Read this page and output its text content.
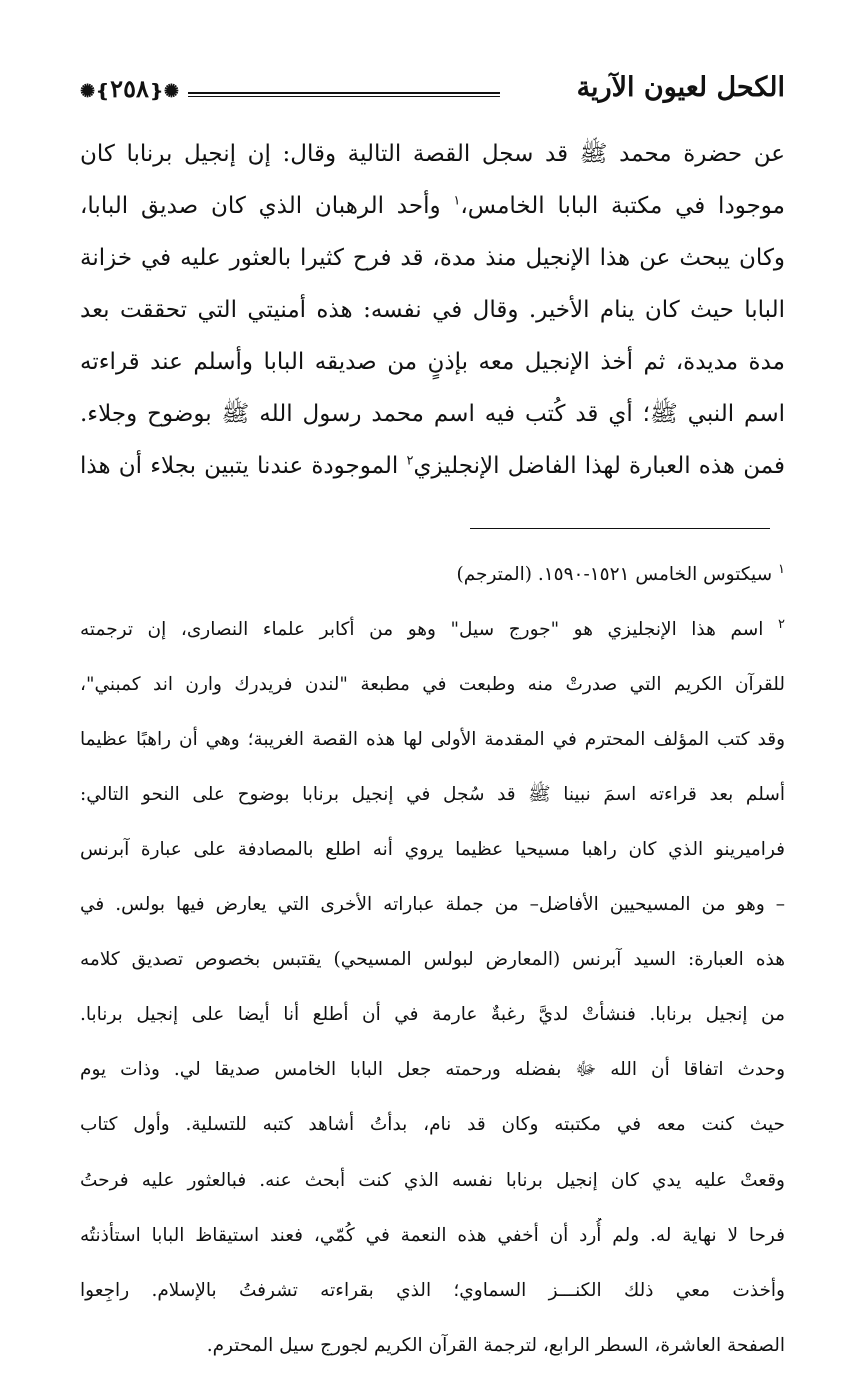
الكحل لعيون الآرية
✺❴٢٥٨❵✺

عن حضرة محمد ﷺ قد سجل القصة التالية وقال: إن إنجيل برنابا كان

موجودا في مكتبة البابا الخامس،$^١$ وأحد الرهبان الذي كان صديق البابا،

وكان يبحث عن هذا الإنجيل منذ مدة، قد فرح كثيرا بالعثور عليه في خزانة

البابا حيث كان ينام الأخير. وقال في نفسه: هذه أمنيتي التي تحققت بعد

مدة مديدة، ثم أخذ الإنجيل معه بإذنٍ من صديقه البابا وأسلم عند قراءته

اسم النبي ﷺ؛ أي قد كُتب فيه اسم محمد رسول الله ﷺ بوضوح وجلاء.

فمن هذه العبارة لهذا الفاضل الإنجليزي$^٢$ الموجودة عندنا يتبين بجلاء أن هذا

$^١$ سيكتوس الخامس ١٥٢١-١٥٩٠. (المترجم)

$^٢$ اسم هذا الإنجليزي هو "جورج سيل" وهو من أكابر علماء النصارى، إن ترجمته

للقرآن الكريم التي صدرتْ منه وطبعت في مطبعة "لندن فريدرك وارن اند كمبني"،

وقد كتب المؤلف المحترم في المقدمة الأولى لها هذه القصة الغريبة؛ وهي أن راهبًا عظيما

أسلم بعد قراءته اسمَ نبينا ﷺ قد سُجل في إنجيل برنابا بوضوح على النحو التالي:

فراميرينو الذي كان راهبا مسيحيا عظيما يروي أنه اطلع بالمصادفة على عبارة آبرنس

– وهو من المسيحيين الأفاضل– من جملة عباراته الأخرى التي يعارض فيها بولس. في

هذه العبارة: السيد آبرنس (المعارض لبولس المسيحي) يقتبس بخصوص تصديق كلامه

من إنجيل برنابا. فنشأتْ لديَّ رغبةٌ عارمة في أن أطلع أنا أيضا على إنجيل برنابا.

وحدث اتفاقا أن الله ﷻ بفضله ورحمته جعل البابا الخامس صديقا لي. وذات يوم

حيث كنت معه في مكتبته وكان قد نام، بدأتُ أشاهد كتبه للتسلية. وأول كتاب

وقعتْ عليه يدي كان إنجيل برنابا نفسه الذي كنت أبحث عنه. فبالعثور عليه فرحتُ

فرحا لا نهاية له. ولم أُرد أن أخفي هذه النعمة في كُمّي، فعند استيقاظ البابا استأذنتُه

وأخذت معي ذلك الكنـــز السماوي؛ الذي بقراءته تشرفتُ بالإسلام. راجِعوا

الصفحة العاشرة، السطر الرابع، لترجمة القرآن الكريم لجورج سيل المحترم.
